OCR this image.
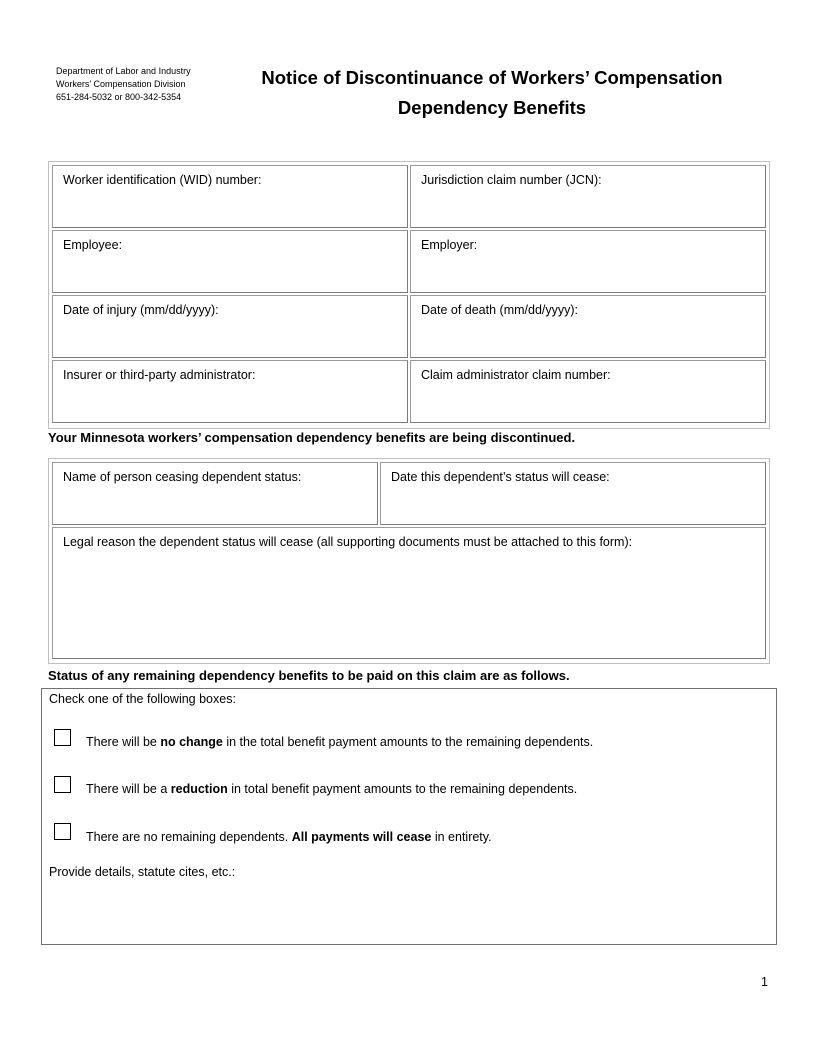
Department of Labor and Industry
Workers’ Compensation Division
651-284-5032 or 800-342-5354
Notice of Discontinuance of Workers’ Compensation
Dependency Benefits
Worker identification (WID) number:	Jurisdiction claim number (JCN):
Employee:	Employer:
Date of injury (mm/dd/yyyy):	Date of death (mm/dd/yyyy):
Insurer or third-party administrator:	Claim administrator claim number:
Your Minnesota workers’ compensation dependency benefits are being discontinued.
Name of person ceasing dependent status:	Date this dependent’s status will cease:
Legal reason the dependent status will cease (all supporting documents must be attached to this form):
Status of any remaining dependency benefits to be paid on this claim are as follows.
Check one of the following boxes:
There will be no change in the total benefit payment amounts to the remaining dependents.
There will be a reduction in total benefit payment amounts to the remaining dependents.
There are no remaining dependents. All payments will cease in entirety.
Provide details, statute cites, etc.:
1
